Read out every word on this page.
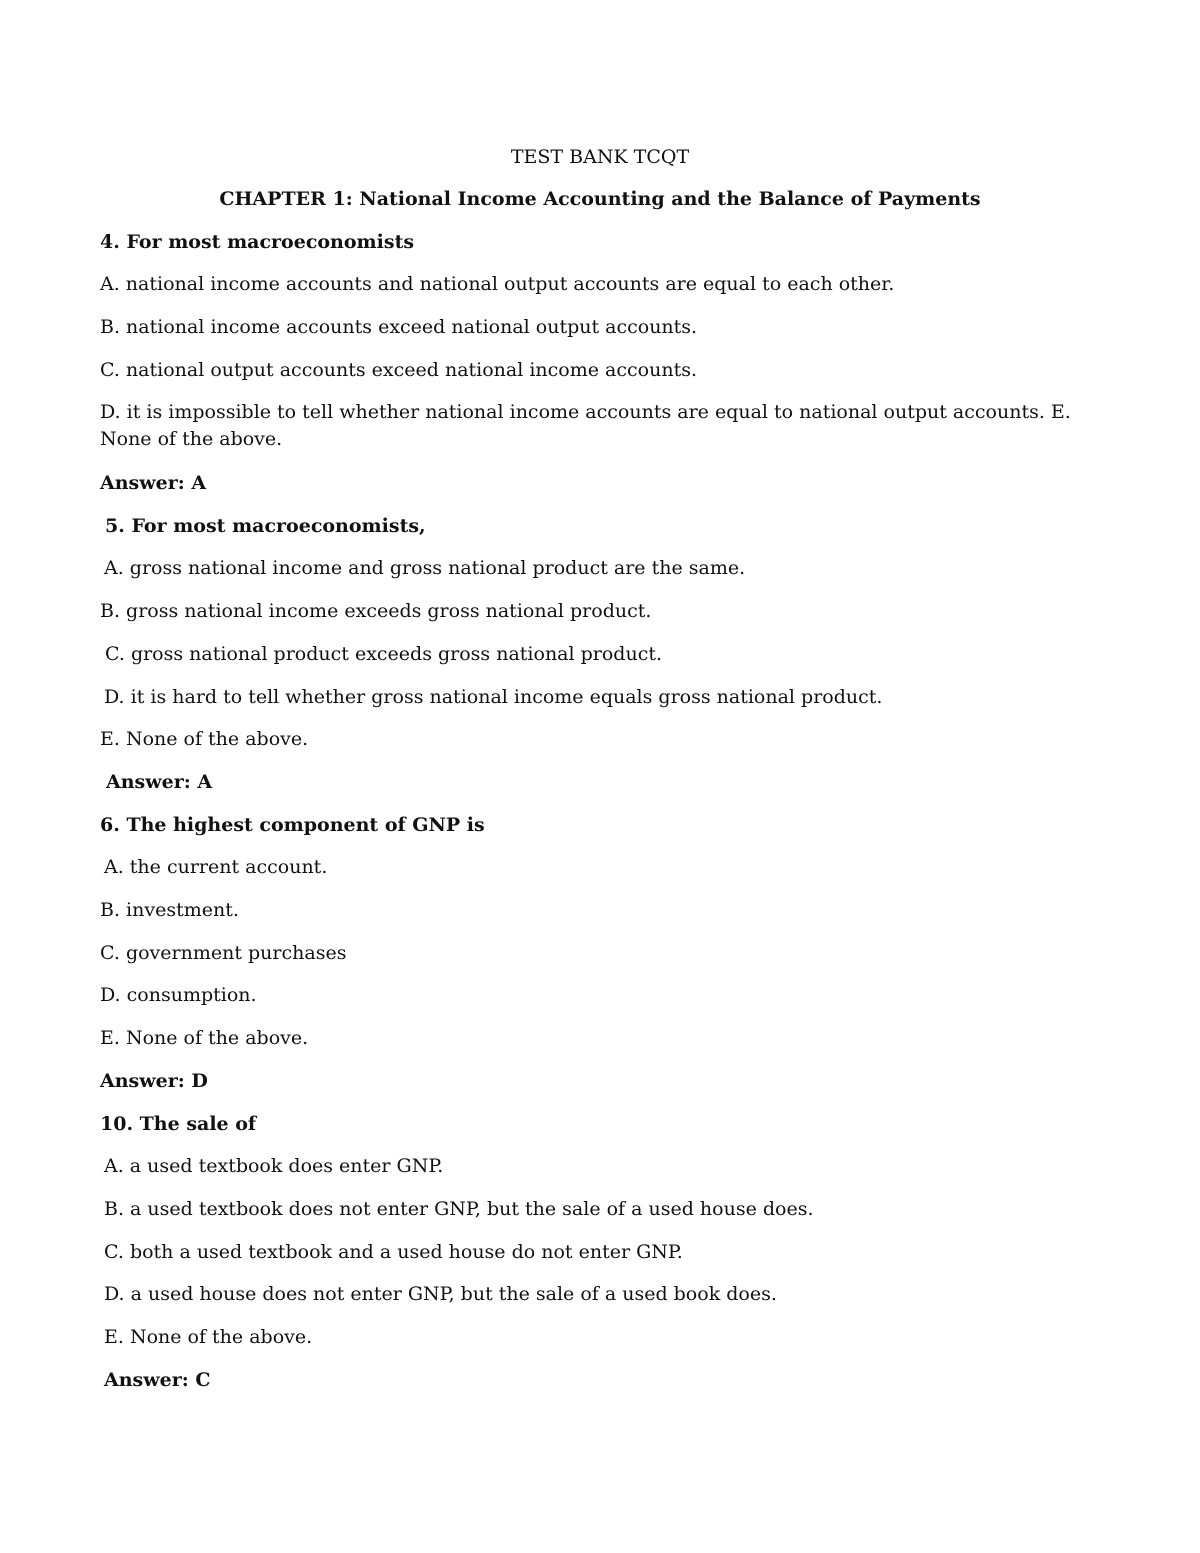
TEST BANK TCQT
CHAPTER 1: National Income Accounting and the Balance of Payments
4. For most macroeconomists
A. national income accounts and national output accounts are equal to each other.
B. national income accounts exceed national output accounts.
C. national output accounts exceed national income accounts.
D. it is impossible to tell whether national income accounts are equal to national output accounts. E. None of the above.
Answer: A
5. For most macroeconomists,
A. gross national income and gross national product are the same.
B. gross national income exceeds gross national product.
C. gross national product exceeds gross national product.
D. it is hard to tell whether gross national income equals gross national product.
E. None of the above.
Answer: A
6. The highest component of GNP is
A. the current account.
B. investment.
C. government purchases
D. consumption.
E. None of the above.
Answer: D
10. The sale of
A. a used textbook does enter GNP.
B. a used textbook does not enter GNP, but the sale of a used house does.
C. both a used textbook and a used house do not enter GNP.
D. a used house does not enter GNP, but the sale of a used book does.
E. None of the above.
Answer: C
